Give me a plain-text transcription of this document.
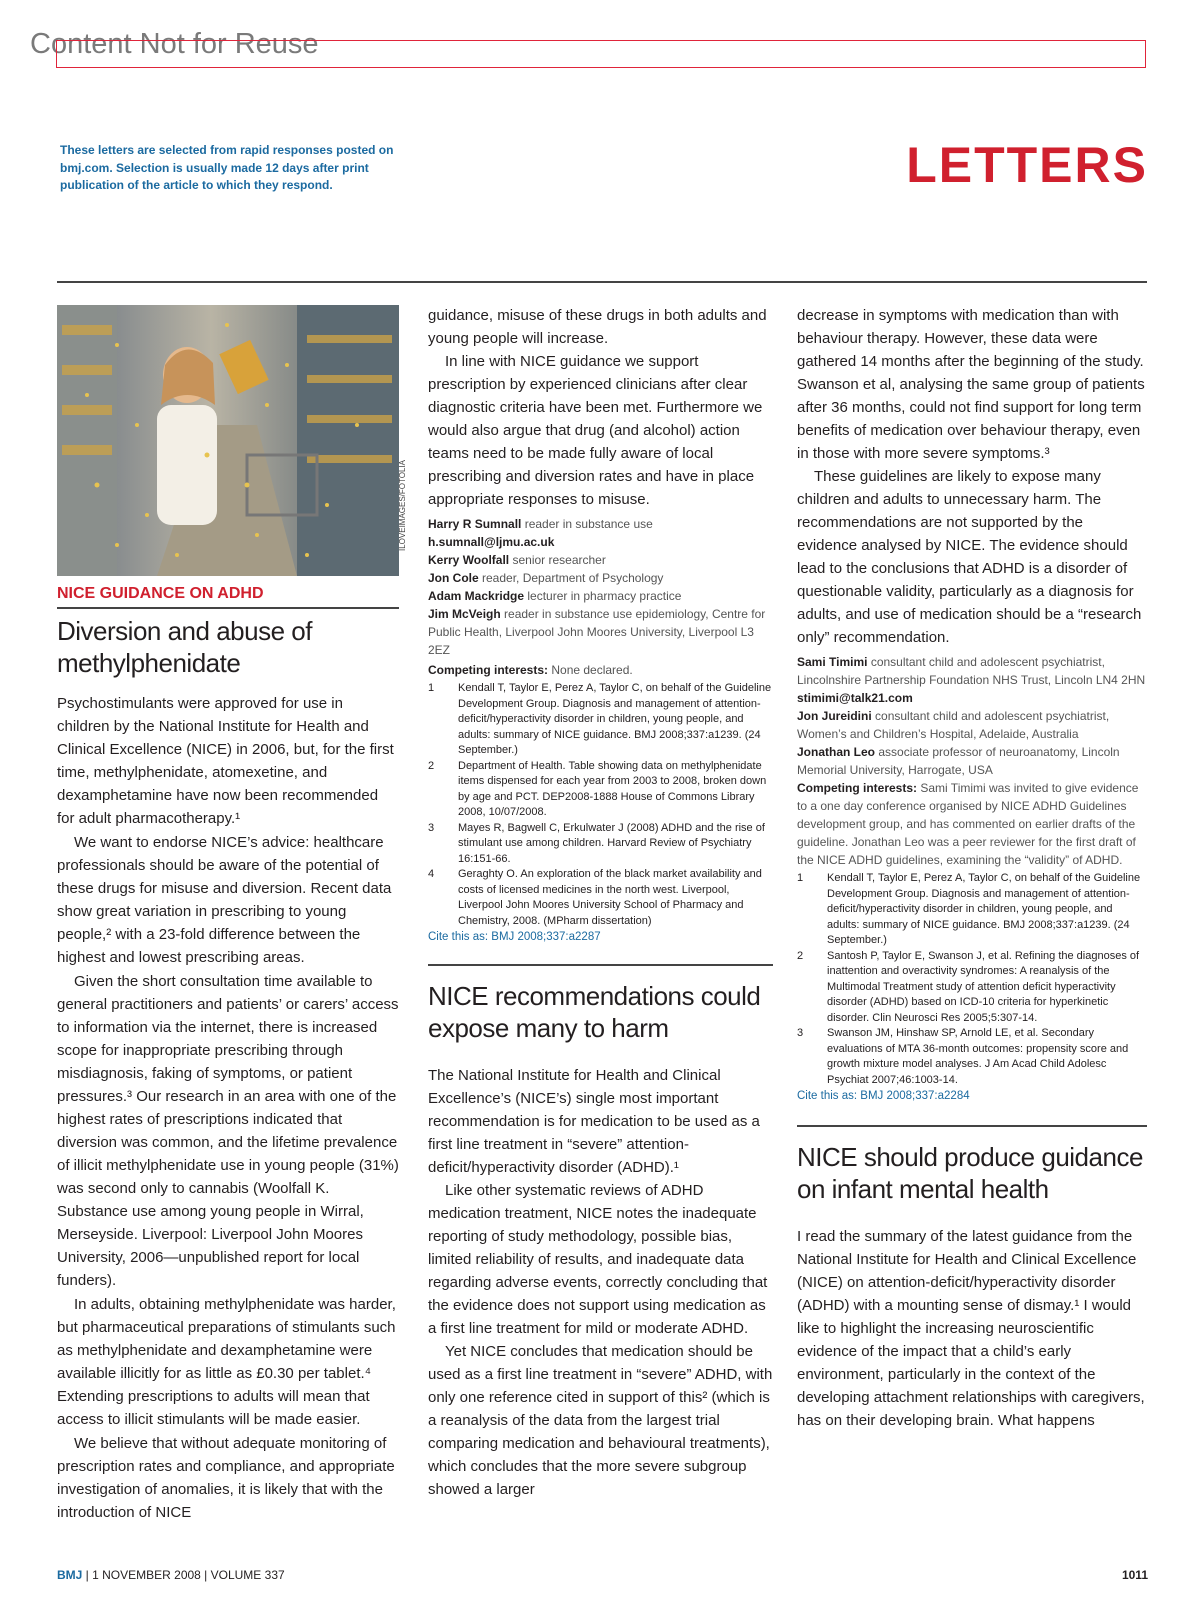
Content Not for Reuse
These letters are selected from rapid responses posted on bmj.com. Selection is usually made 12 days after print publication of the article to which they respond.	LETTERS
ILOVEIMAGES/FOTOLIA
NICE GUIDANCE ON ADHD
Diversion and abuse of methylphenidate

Psychostimulants were approved for use in children by the National Institute for Health and Clinical Excellence (NICE) in 2006, but, for the first time, methylphenidate, atomexetine, and dexamphetamine have now been recommended for adult pharmacotherapy.¹

We want to endorse NICE’s advice: healthcare professionals should be aware of the potential of these drugs for misuse and diversion. Recent data show great variation in prescribing to young people,² with a 23-fold difference between the highest and lowest prescribing areas.

Given the short consultation time available to general practitioners and patients’ or carers’ access to information via the internet, there is increased scope for inappropriate prescribing through misdiagnosis, faking of symptoms, or patient pressures.³ Our research in an area with one of the highest rates of prescriptions indicated that diversion was common, and the lifetime prevalence of illicit methylphenidate use in young people (31%) was second only to cannabis (Woolfall K. Substance use among young people in Wirral, Merseyside. Liverpool: Liverpool John Moores University, 2006—unpublished report for local funders).

In adults, obtaining methylphenidate was harder, but pharmaceutical preparations of stimulants such as methylphenidate and dexamphetamine were available illicitly for as little as £0.30 per tablet.⁴ Extending prescriptions to adults will mean that access to illicit stimulants will be made easier.

We believe that without adequate monitoring of prescription rates and compliance, and appropriate investigation of anomalies, it is likely that with the introduction of NICE

guidance, misuse of these drugs in both adults and young people will increase.

In line with NICE guidance we support prescription by experienced clinicians after clear diagnostic criteria have been met. Furthermore we would also argue that drug (and alcohol) action teams need to be made fully aware of local prescribing and diversion rates and have in place appropriate responses to misuse.

Harry R Sumnall reader in substance use
h.sumnall@ljmu.ac.uk
Kerry Woolfall senior researcher
Jon Cole reader, Department of Psychology
Adam Mackridge lecturer in pharmacy practice
Jim McVeigh reader in substance use epidemiology, Centre for Public Health, Liverpool John Moores University, Liverpool L3 2EZ
Competing interests: None declared.
1 Kendall T, Taylor E, Perez A, Taylor C, on behalf of the Guideline Development Group. Diagnosis and management of attention-deficit/hyperactivity disorder in children, young people, and adults: summary of NICE guidance. BMJ 2008;337:a1239. (24 September.)
2 Department of Health. Table showing data on methylphenidate items dispensed for each year from 2003 to 2008, broken down by age and PCT. DEP2008-1888 House of Commons Library 2008, 10/07/2008.
3 Mayes R, Bagwell C, Erkulwater J (2008) ADHD and the rise of stimulant use among children. Harvard Review of Psychiatry 16:151-66.
4 Geraghty O. An exploration of the black market availability and costs of licensed medicines in the north west. Liverpool, Liverpool John Moores University School of Pharmacy and Chemistry, 2008. (MPharm dissertation)
Cite this as: BMJ 2008;337:a2287
NICE recommendations could expose many to harm

The National Institute for Health and Clinical Excellence’s (NICE’s) single most important recommendation is for medication to be used as a first line treatment in “severe” attention-deficit/hyperactivity disorder (ADHD).¹

Like other systematic reviews of ADHD medication treatment, NICE notes the inadequate reporting of study methodology, possible bias, limited reliability of results, and inadequate data regarding adverse events, correctly concluding that the evidence does not support using medication as a first line treatment for mild or moderate ADHD.

Yet NICE concludes that medication should be used as a first line treatment in “severe” ADHD, with only one reference cited in support of this² (which is a reanalysis of the data from the largest trial comparing medication and behavioural treatments), which concludes that the more severe subgroup showed a larger

decrease in symptoms with medication than with behaviour therapy. However, these data were gathered 14 months after the beginning of the study. Swanson et al, analysing the same group of patients after 36 months, could not find support for long term benefits of medication over behaviour therapy, even in those with more severe symptoms.³

These guidelines are likely to expose many children and adults to unnecessary harm. The recommendations are not supported by the evidence analysed by NICE. The evidence should lead to the conclusions that ADHD is a disorder of questionable validity, particularly as a diagnosis for adults, and use of medication should be a “research only” recommendation.

Sami Timimi consultant child and adolescent psychiatrist, Lincolnshire Partnership Foundation NHS Trust, Lincoln LN4 2HN stimimi@talk21.com
Jon Jureidini consultant child and adolescent psychiatrist, Women’s and Children’s Hospital, Adelaide, Australia
Jonathan Leo associate professor of neuroanatomy, Lincoln Memorial University, Harrogate, USA
Competing interests: Sami Timimi was invited to give evidence to a one day conference organised by NICE ADHD Guidelines development group, and has commented on earlier drafts of the guideline. Jonathan Leo was a peer reviewer for the first draft of the NICE ADHD guidelines, examining the “validity” of ADHD.
1 Kendall T, Taylor E, Perez A, Taylor C, on behalf of the Guideline Development Group. Diagnosis and management of attention-deficit/hyperactivity disorder in children, young people, and adults: summary of NICE guidance. BMJ 2008;337:a1239. (24 September.)
2 Santosh P, Taylor E, Swanson J, et al. Refining the diagnoses of inattention and overactivity syndromes: A reanalysis of the Multimodal Treatment study of attention deficit hyperactivity disorder (ADHD) based on ICD-10 criteria for hyperkinetic disorder. Clin Neurosci Res 2005;5:307-14.
3 Swanson JM, Hinshaw SP, Arnold LE, et al. Secondary evaluations of MTA 36-month outcomes: propensity score and growth mixture model analyses. J Am Acad Child Adolesc Psychiat 2007;46:1003-14.
Cite this as: BMJ 2008;337:a2284
NICE should produce guidance on infant mental health

I read the summary of the latest guidance from the National Institute for Health and Clinical Excellence (NICE) on attention-deficit/hyperactivity disorder (ADHD) with a mounting sense of dismay.¹ I would like to highlight the increasing neuroscientific evidence of the impact that a child’s early environment, particularly in the context of the developing attachment relationships with caregivers, has on their developing brain. What happens

BMJ | 1 NOVEMBER 2008 | VOLUME 337	1011
